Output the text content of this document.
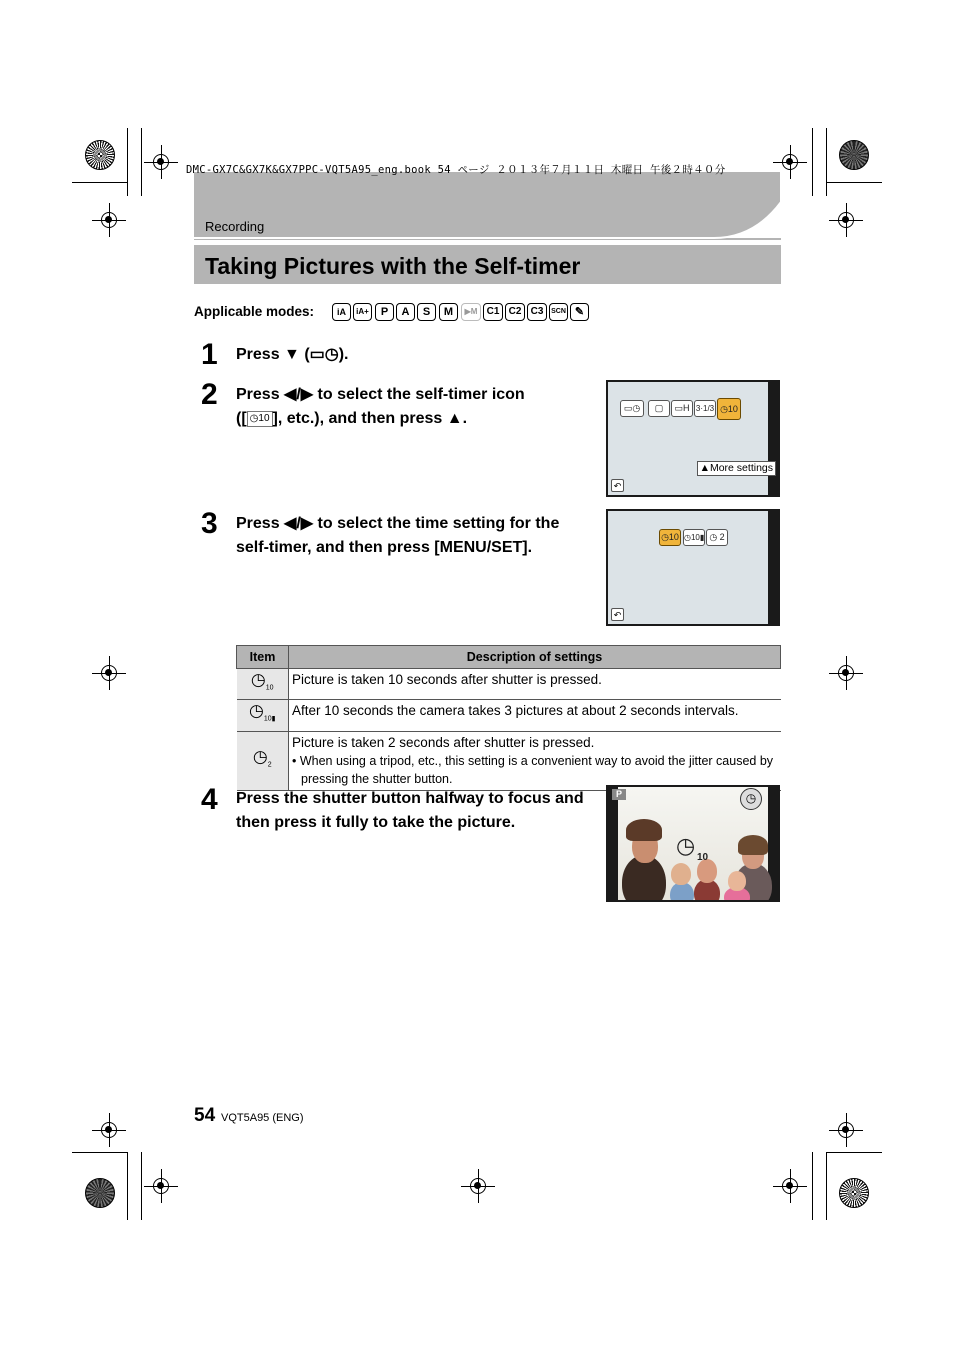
DMC-GX7C&GX7K&GX7PPC-VQT5A95_eng.book 54 ページ ２０１３年７月１１日 木曜日 午後２時４０分
Recording
Taking Pictures with the Self-timer
Applicable modes:	iA	iA+	P	A	S	M	▶M C1 C2 C3	SCN ✎
1 Press ▼ (▭◷).
2 Press ◀/▶ to select the self-timer icon
([ ◷10 ], etc.), and then press ▲.
▭◷	▢	▭H 3·1/3 ◷10
▲More settings
↶
3 Press ◀/▶ to select the time setting for the
self-timer, and then press [MENU/SET].
◷10 ◷10▮ ◷ 2
↶
Item	Description of settings
$◷_{10}$	Picture is taken 10 seconds after shutter is pressed.
$◷_{10▮}$	After 10 seconds the camera takes 3 pictures at about 2 seconds intervals.
$◷_2$	Picture is taken 2 seconds after shutter is pressed.
• When using a tripod, etc., this setting is a convenient way to avoid the jitter caused by pressing the shutter button.
4 Press the shutter button halfway to focus and
then press it fully to take the picture.
P	◷
◷ 10
54 VQT5A95 (ENG)
